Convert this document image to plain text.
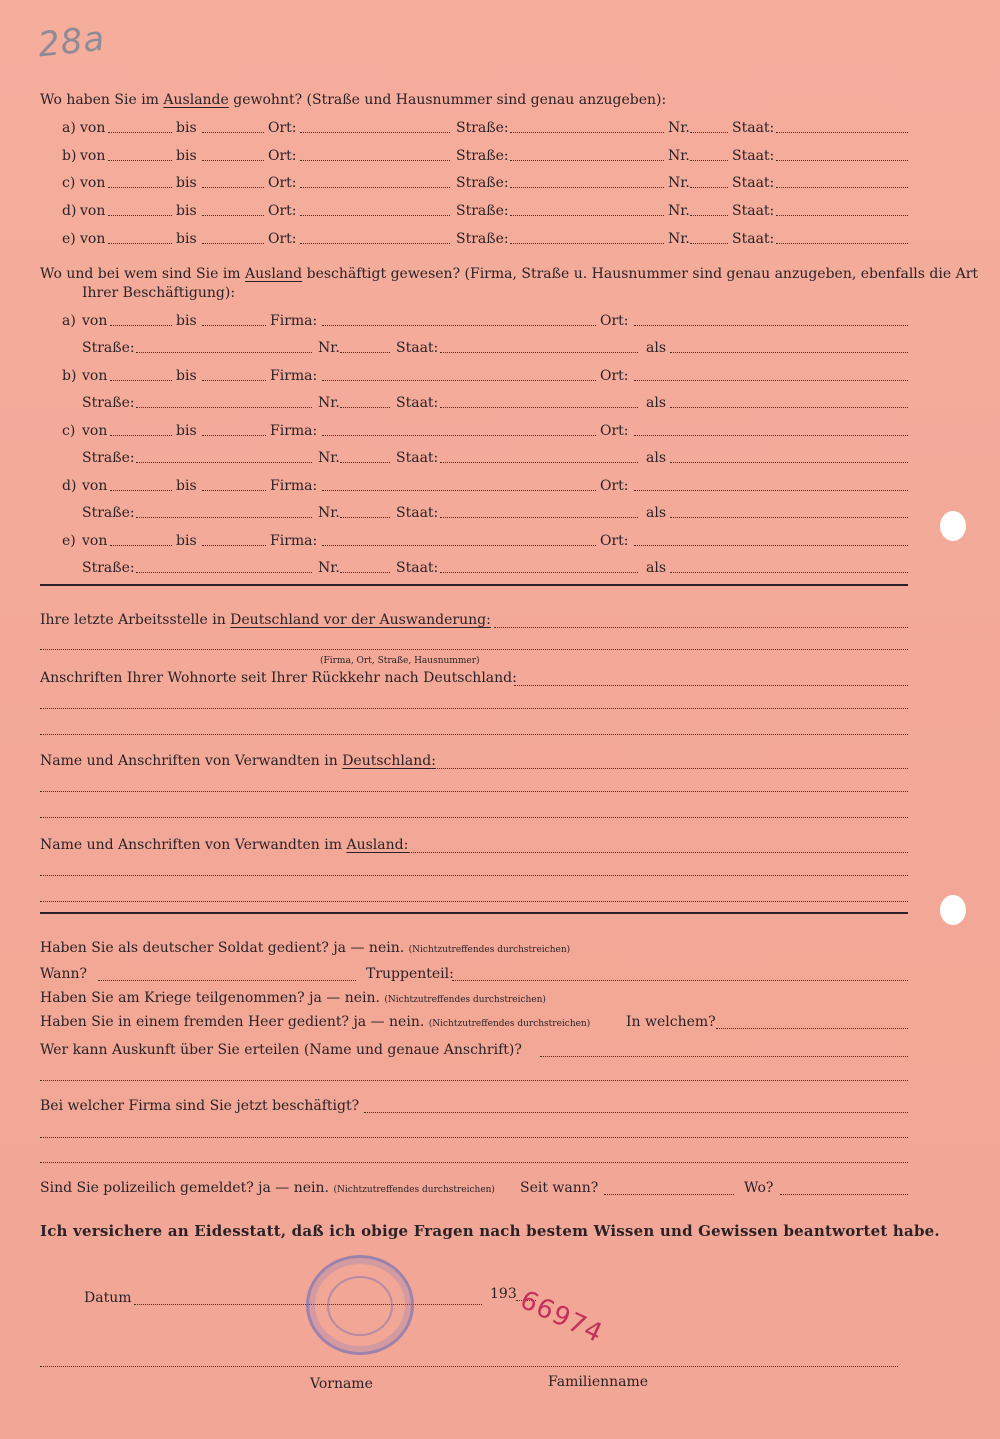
28a
Wo haben Sie im Auslande gewohnt? (Straße und Hausnummer sind genau anzugeben):
a) von	bis	Ort:	Straße:	Nr.	Staat:
b) von	bis	Ort:	Straße:	Nr.	Staat:
c) von	bis	Ort:	Straße:	Nr.	Staat:
d) von	bis	Ort:	Straße:	Nr.	Staat:
e) von	bis	Ort:	Straße:	Nr.	Staat:
Wo und bei wem sind Sie im Ausland beschäftigt gewesen? (Firma, Straße u. Hausnummer sind genau anzugeben, ebenfalls die Art
Ihrer Beschäftigung):
a) von	bis	Firma:	Ort:
Straße:	Nr.	Staat:	als
b) von	bis	Firma:	Ort:
Straße:	Nr.	Staat:	als
c) von	bis	Firma:	Ort:
Straße:	Nr.	Staat:	als
d) von	bis	Firma:	Ort:
Straße:	Nr.	Staat:	als
e) von	bis	Firma:	Ort:
Straße:	Nr.	Staat:	als
Ihre letzte Arbeitsstelle in Deutschland vor der Auswanderung:
(Firma, Ort, Straße, Hausnummer)
Anschriften Ihrer Wohnorte seit Ihrer Rückkehr nach Deutschland:
Name und Anschriften von Verwandten in Deutschland:
Name und Anschriften von Verwandten im Ausland:
Haben Sie als deutscher Soldat gedient? ja — nein. (Nichtzutreffendes durchstreichen)
Wann?	Truppenteil:
Haben Sie am Kriege teilgenommen? ja — nein. (Nichtzutreffendes durchstreichen)
Haben Sie in einem fremden Heer gedient? ja — nein. (Nichtzutreffendes durchstreichen)	In welchem?
Wer kann Auskunft über Sie erteilen (Name und genaue Anschrift)?
Bei welcher Firma sind Sie jetzt beschäftigt?
Sind Sie polizeilich gemeldet? ja — nein. (Nichtzutreffendes durchstreichen) Seit wann?	Wo?
Ich versichere an Eidesstatt, daß ich obige Fragen nach bestem Wissen und Gewissen beantwortet habe.
Datum	193
66974
Vorname	Familienname
